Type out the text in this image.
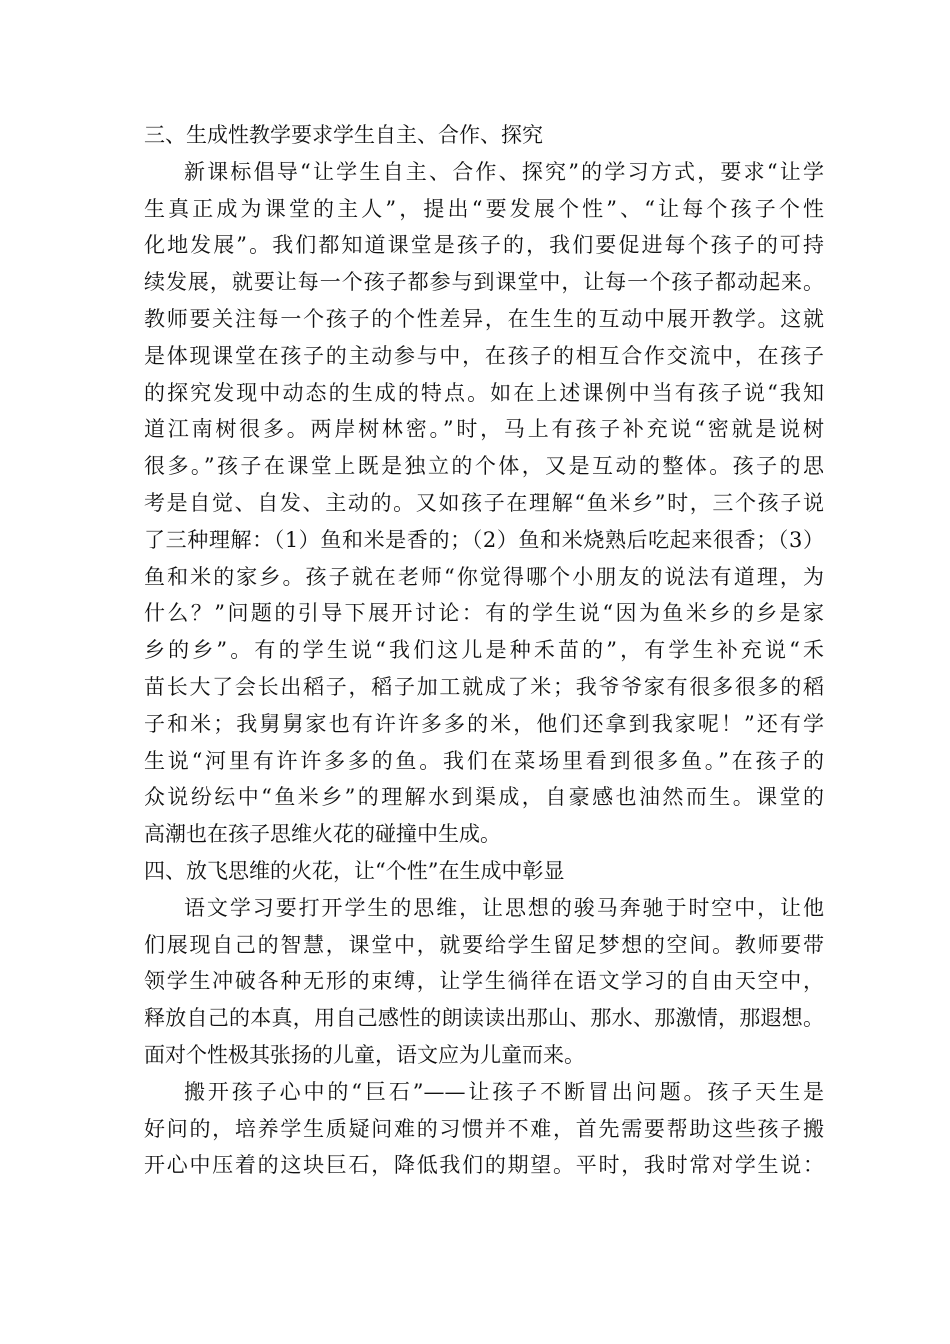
三、生成性教学要求学生自主、合作、探究
新课标倡导“让学生自主、合作、探究”的学习方式，要求“让学
生真正成为课堂的主人”，提出“要发展个性”、“让每个孩子个性
化地发展”。我们都知道课堂是孩子的，我们要促进每个孩子的可持
续发展，就要让每一个孩子都参与到课堂中，让每一个孩子都动起来。
教师要关注每一个孩子的个性差异，在生生的互动中展开教学。这就
是体现课堂在孩子的主动参与中，在孩子的相互合作交流中，在孩子
的探究发现中动态的生成的特点。如在上述课例中当有孩子说“我知
道江南树很多。两岸树林密。”时，马上有孩子补充说“密就是说树
很多。”孩子在课堂上既是独立的个体，又是互动的整体。孩子的思
考是自觉、自发、主动的。又如孩子在理解“鱼米乡”时，三个孩子说
了三种理解：（1）鱼和米是香的；（2）鱼和米烧熟后吃起来很香；（3）
鱼和米的家乡。孩子就在老师“你觉得哪个小朋友的说法有道理，为
什么？”问题的引导下展开讨论：有的学生说“因为鱼米乡的乡是家
乡的乡”。有的学生说“我们这儿是种禾苗的”，有学生补充说“禾
苗长大了会长出稻子，稻子加工就成了米；我爷爷家有很多很多的稻
子和米；我舅舅家也有许许多多的米，他们还拿到我家呢！”还有学
生说“河里有许许多多的鱼。我们在菜场里看到很多鱼。”在孩子的
众说纷纭中“鱼米乡”的理解水到渠成，自豪感也油然而生。课堂的
高潮也在孩子思维火花的碰撞中生成。
四、放飞思维的火花，让“个性”在生成中彰显
语文学习要打开学生的思维，让思想的骏马奔驰于时空中，让他
们展现自己的智慧，课堂中，就要给学生留足梦想的空间。教师要带
领学生冲破各种无形的束缚，让学生徜徉在语文学习的自由天空中，
释放自己的本真，用自己感性的朗读读出那山、那水、那激情，那遐想。
面对个性极其张扬的儿童，语文应为儿童而来。
搬开孩子心中的“巨石”——让孩子不断冒出问题。孩子天生是
好问的，培养学生质疑问难的习惯并不难，首先需要帮助这些孩子搬
开心中压着的这块巨石，降低我们的期望。平时，我时常对学生说：
